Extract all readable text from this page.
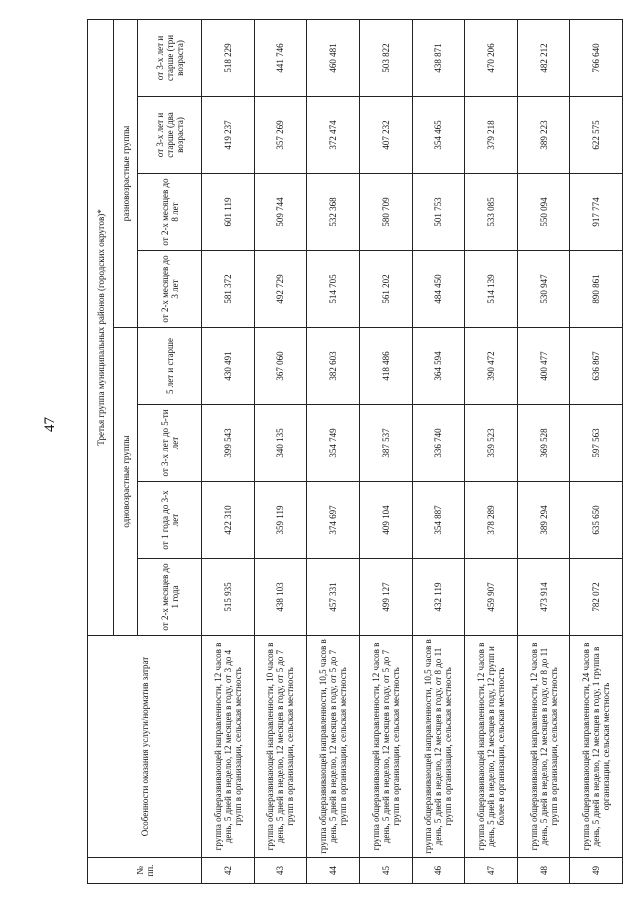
47
№ пп.	Особенности оказания услуги/норматив затрат	Третья группа муниципальных районов (городских округов)*							
		одновозрастные группы				разновозрастные группы			
		от 2-х месяцев до 1 года	от 1 года до 3-х лет	от 3-х лет до 5-ти лет	5 лет и старше	от 2-х месяцев до 3 лет	от 2-х месяцев до 8 лет	от 3-х лет и старше (два возраста)	от 3-х лет и старше (три возраста)
42	группа общеразвивающей направленности, 12 часов в день, 5 дней в неделю, 12 месяцев в году, от 3 до 4 групп в организации, сельская местность	515 935	422 310	399 543	430 491	581 372	601 119	419 237	518 229
43	группа общеразвивающей направленности, 10 часов в день, 5 дней в неделю, 12 месяцев в году, от 5 до 7 групп в организации, сельская местность	438 103	359 119	340 135	367 060	492 729	509 744	357 269	441 746
44	группа общеразвивающей направленности, 10,5 часов в день, 5 дней в неделю, 12 месяцев в году, от 5 до 7 групп в организации, сельская местность	457 331	374 697	354 749	382 603	514 705	532 368	372 474	460 481
45	группа общеразвивающей направленности, 12 часов в день, 5 дней в неделю, 12 месяцев в году, от 5 до 7 групп в организации, сельская местность	499 127	409 104	387 537	418 486	561 202	580 709	407 232	503 822
46	группа общеразвивающей направленности, 10,5 часов в день, 5 дней в неделю, 12 месяцев в году, от 8 до 11 групп в организации, сельская местность	432 119	354 887	336 740	364 594	484 450	501 753	354 465	438 871
47	группа общеразвивающей направленности, 12 часов в день, 5 дней в неделю, 12 месяцев в году, 12 групп и более в организации, сельская местность	459 907	378 289	359 523	390 472	514 139	533 085	379 218	470 206
48	группа общеразвивающей направленности, 12 часов в день, 5 дней в неделю, 12 месяцев в году, от 8 до 11 групп в организации, сельская местность	473 914	389 294	369 528	400 477	530 947	550 094	389 223	482 212
49	группа общеразвивающей направленности, 24 часов в день, 5 дней в неделю, 12 месяцев в году, 1 группа в организации, сельская местность	782 072	635 650	597 563	636 867	890 861	917 774	622 575	766 640
